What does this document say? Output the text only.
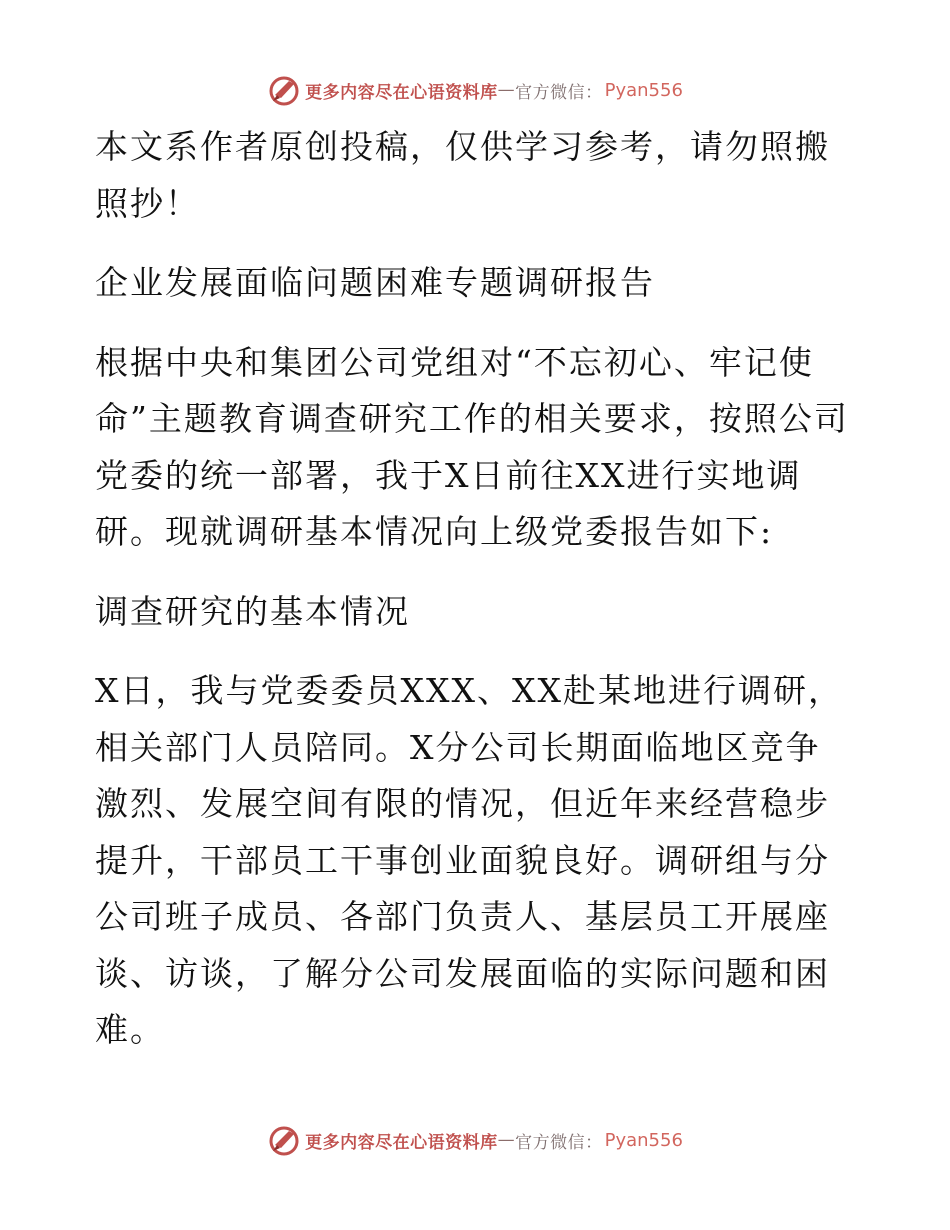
更多内容尽在心语资料库 — 官方微信： Pyan556

本文系作者原创投稿，仅供学习参考，请勿照搬照抄！

企业发展面临问题困难专题调研报告

根据中央和集团公司党组对“不忘初心、牢记使命”主题教育调查研究工作的相关要求，按照公司党委的统一部署，我于X日前往XX进行实地调研。现就调研基本情况向上级党委报告如下:

调查研究的基本情况

X日，我与党委委员XXX、XX赴某地进行调研，相关部门人员陪同。X分公司长期面临地区竞争激烈、发展空间有限的情况，但近年来经营稳步提升，干部员工干事创业面貌良好。调研组与分公司班子成员、各部门负责人、基层员工开展座谈、访谈，了解分公司发展面临的实际问题和困难。

更多内容尽在心语资料库 — 官方微信： Pyan556
